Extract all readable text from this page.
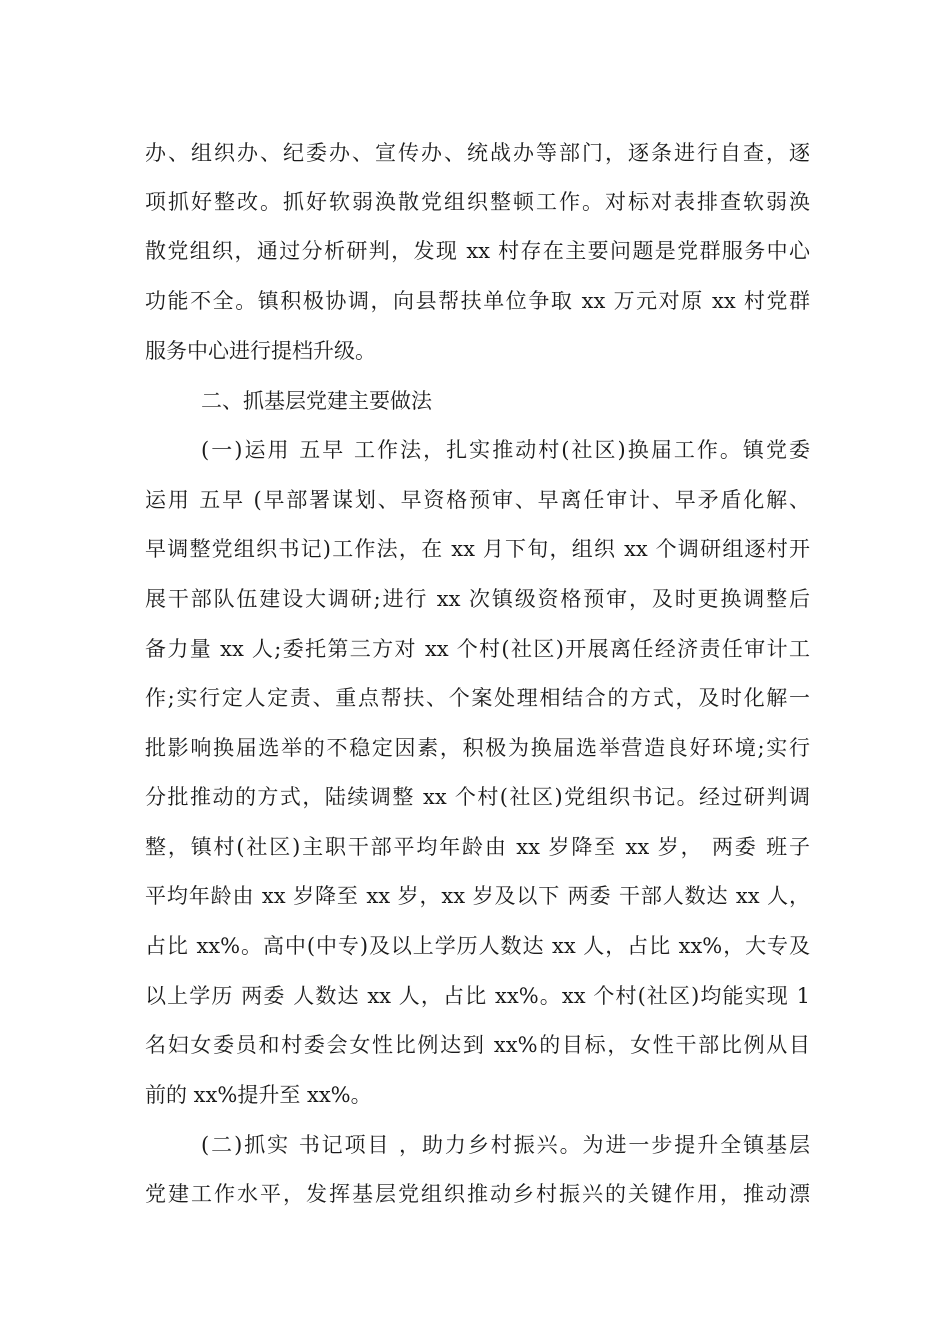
办、组织办、纪委办、宣传办、统战办等部门，逐条进行自查，逐
项抓好整改。抓好软弱涣散党组织整顿工作。对标对表排查软弱涣
散党组织，通过分析研判，发现 xx 村存在主要问题是党群服务中心
功能不全。镇积极协调，向县帮扶单位争取 xx 万元对原 xx 村党群
服务中心进行提档升级。
二、抓基层党建主要做法
(一)运用 五早 工作法，扎实推动村(社区)换届工作。镇党委
运用 五早 (早部署谋划、早资格预审、早离任审计、早矛盾化解、
早调整党组织书记)工作法，在 xx 月下旬，组织 xx 个调研组逐村开
展干部队伍建设大调研;进行 xx 次镇级资格预审，及时更换调整后
备力量 xx 人;委托第三方对 xx 个村(社区)开展离任经济责任审计工
作;实行定人定责、重点帮扶、个案处理相结合的方式，及时化解一
批影响换届选举的不稳定因素，积极为换届选举营造良好环境;实行
分批推动的方式，陆续调整 xx 个村(社区)党组织书记。经过研判调
整，镇村(社区)主职干部平均年龄由 xx 岁降至 xx 岁， 两委 班子
平均年龄由 xx 岁降至 xx 岁，xx 岁及以下 两委 干部人数达 xx 人，
占比 xx%。高中(中专)及以上学历人数达 xx 人，占比 xx%，大专及
以上学历 两委 人数达 xx 人，占比 xx%。xx 个村(社区)均能实现 1
名妇女委员和村委会女性比例达到 xx%的目标，女性干部比例从目
前的 xx%提升至 xx%。
(二)抓实 书记项目 ，助力乡村振兴。为进一步提升全镇基层
党建工作水平，发挥基层党组织推动乡村振兴的关键作用，推动漂
